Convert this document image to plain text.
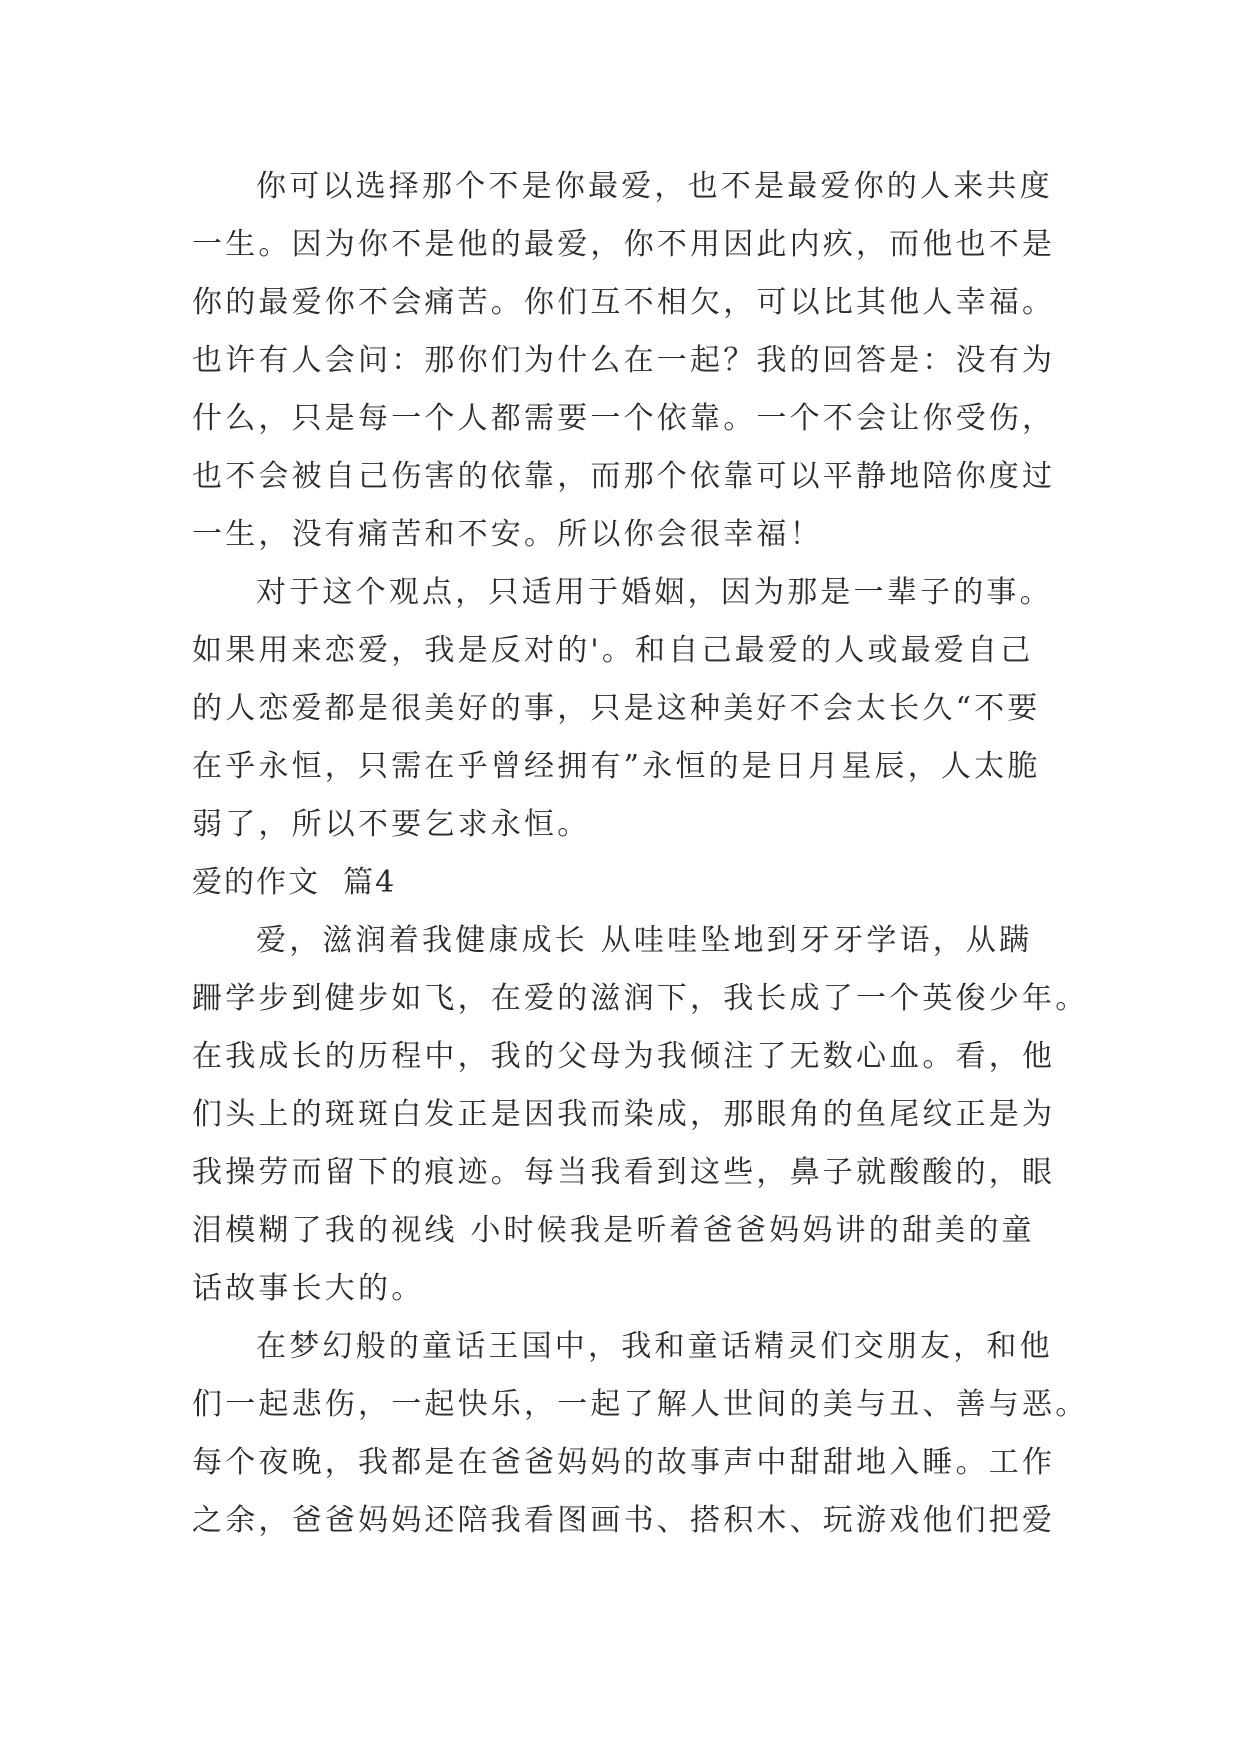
你可以选择那个不是你最爱，也不是最爱你的人来共度
一生。因为你不是他的最爱，你不用因此内疚，而他也不是
你的最爱你不会痛苦。你们互不相欠，可以比其他人幸福。
也许有人会问：那你们为什么在一起？我的回答是：没有为
什么，只是每一个人都需要一个依靠。一个不会让你受伤，
也不会被自己伤害的依靠，而那个依靠可以平静地陪你度过
一生，没有痛苦和不安。所以你会很幸福！
对于这个观点，只适用于婚姻，因为那是一辈子的事。
如果用来恋爱，我是反对的'。和自己最爱的人或最爱自己
的人恋爱都是很美好的事，只是这种美好不会太长久“不要
在乎永恒，只需在乎曾经拥有”永恒的是日月星辰，人太脆
弱了，所以不要乞求永恒。
爱的作文  篇4
爱，滋润着我健康成长 从哇哇坠地到牙牙学语，从蹒
跚学步到健步如飞，在爱的滋润下，我长成了一个英俊少年。
在我成长的历程中，我的父母为我倾注了无数心血。看，他
们头上的斑斑白发正是因我而染成，那眼角的鱼尾纹正是为
我操劳而留下的痕迹。每当我看到这些，鼻子就酸酸的，眼
泪模糊了我的视线 小时候我是听着爸爸妈妈讲的甜美的童
话故事长大的。
在梦幻般的童话王国中，我和童话精灵们交朋友，和他
们一起悲伤，一起快乐，一起了解人世间的美与丑、善与恶。
每个夜晚，我都是在爸爸妈妈的故事声中甜甜地入睡。工作
之余，爸爸妈妈还陪我看图画书、搭积木、玩游戏他们把爱
